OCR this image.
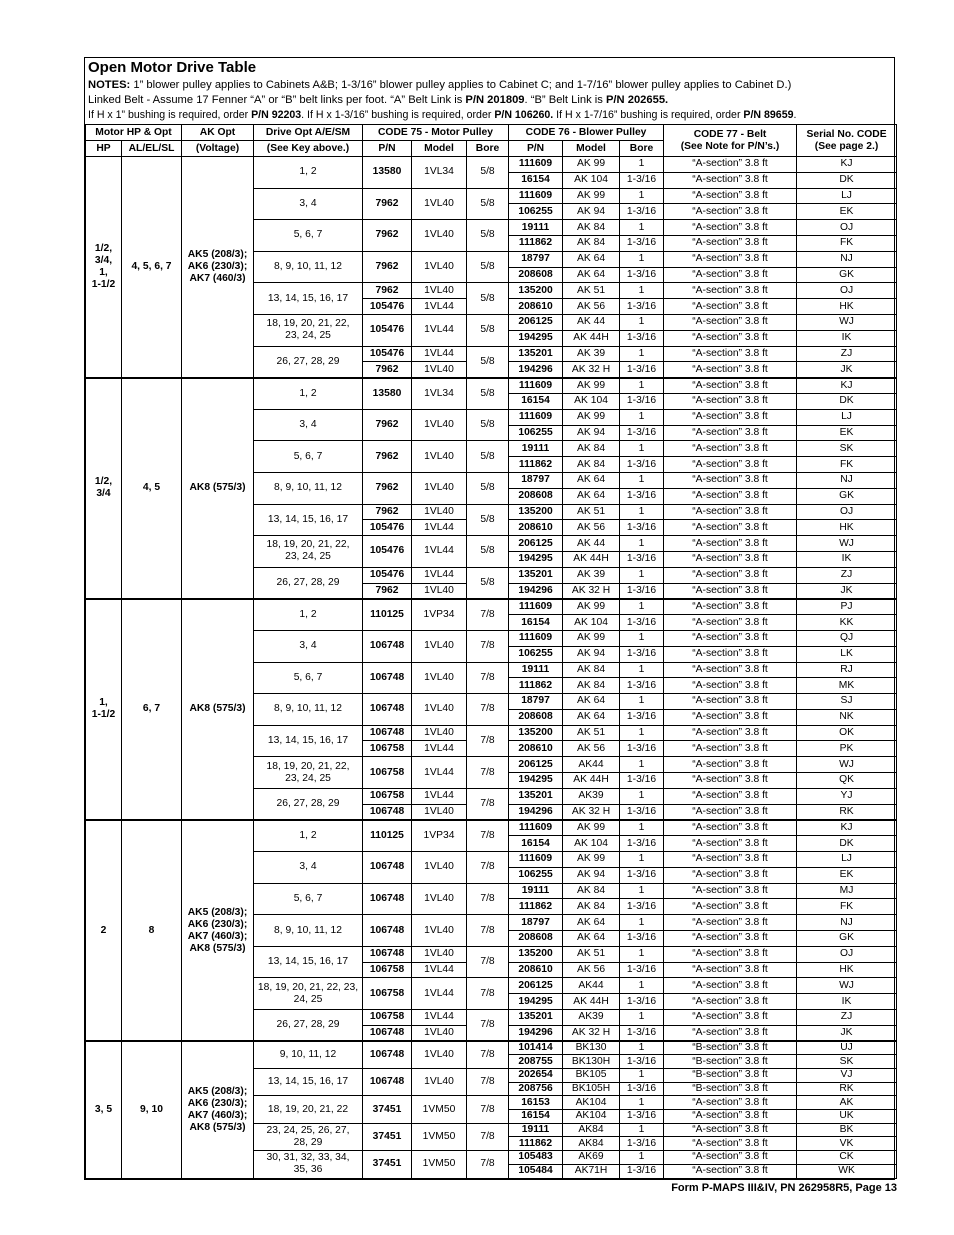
Open Motor Drive Table
NOTES: 1” blower pulley applies to Cabinets A&B; 1-3/16” blower pulley applies to Cabinet C; and 1-7/16” blower pulley applies to Cabinet D.)
Linked Belt - Assume 17 Fenner “A” or “B” belt links per foot. “A” Belt Link is P/N 201809. “B” Belt Link is P/N 202655.
If H x 1” bushing is required, order P/N 92203. If H x 1-3/16” bushing is required, order P/N 106260. If H x 1-7/16” bushing is required, order P/N 89659.
Motor HP & Opt		AK Opt	Drive Opt A/E/SM	CODE 75 - Motor Pulley			CODE 76 - Blower Pulley			CODE 77 - Belt
(See Note for P/N’s.)	Serial No. CODE
(See page 2.)
HP	AL/EL/SL	(Voltage)	(See Key above.)	P/N	Model	Bore	P/N	Model	Bore		
1/2,
3/4,
1,
1-1/2	4, 5, 6, 7	AK5 (208/3);
AK6 (230/3);
AK7 (460/3)	1, 2	13580	1VL34	5/8	111609	AK 99	1	“A-section” 3.8 ft	KJ
							16154	AK 104	1-3/16	“A-section” 3.8 ft	DK
			3, 4	7962	1VL40	5/8	111609	AK 99	1	“A-section” 3.8 ft	LJ
							106255	AK 94	1-3/16	“A-section” 3.8 ft	EK
			5, 6, 7	7962	1VL40	5/8	19111	AK 84	1	“A-section” 3.8 ft	OJ
							111862	AK 84	1-3/16	“A-section” 3.8 ft	FK
			8, 9, 10, 11, 12	7962	1VL40	5/8	18797	AK 64	1	“A-section” 3.8 ft	NJ
							208608	AK 64	1-3/16	“A-section” 3.8 ft	GK
			13, 14, 15, 16, 17	7962	1VL40	5/8	135200	AK 51	1	“A-section” 3.8 ft	OJ
				105476	1VL44		208610	AK 56	1-3/16	“A-section” 3.8 ft	HK
			18, 19, 20, 21, 22,
23, 24, 25	105476	1VL44	5/8	206125	AK 44	1	“A-section” 3.8 ft	WJ
							194295	AK 44H	1-3/16	“A-section” 3.8 ft	IK
			26, 27, 28, 29	105476	1VL44	5/8	135201	AK 39	1	“A-section” 3.8 ft	ZJ
				7962	1VL40		194296	AK 32 H	1-3/16	“A-section” 3.8 ft	JK
1/2,
3/4	4, 5	AK8 (575/3)	1, 2	13580	1VL34	5/8	111609	AK 99	1	“A-section” 3.8 ft	KJ
							16154	AK 104	1-3/16	“A-section” 3.8 ft	DK
			3, 4	7962	1VL40	5/8	111609	AK 99	1	“A-section” 3.8 ft	LJ
							106255	AK 94	1-3/16	“A-section” 3.8 ft	EK
			5, 6, 7	7962	1VL40	5/8	19111	AK 84	1	“A-section” 3.8 ft	SK
							111862	AK 84	1-3/16	“A-section” 3.8 ft	FK
			8, 9, 10, 11, 12	7962	1VL40	5/8	18797	AK 64	1	“A-section” 3.8 ft	NJ
							208608	AK 64	1-3/16	“A-section” 3.8 ft	GK
			13, 14, 15, 16, 17	7962	1VL40	5/8	135200	AK 51	1	“A-section” 3.8 ft	OJ
				105476	1VL44		208610	AK 56	1-3/16	“A-section” 3.8 ft	HK
			18, 19, 20, 21, 22,
23, 24, 25	105476	1VL44	5/8	206125	AK 44	1	“A-section” 3.8 ft	WJ
							194295	AK 44H	1-3/16	“A-section” 3.8 ft	IK
			26, 27, 28, 29	105476	1VL44	5/8	135201	AK 39	1	“A-section” 3.8 ft	ZJ
				7962	1VL40		194296	AK 32 H	1-3/16	“A-section” 3.8 ft	JK
1,
1-1/2	6, 7	AK8 (575/3)	1, 2	110125	1VP34	7/8	111609	AK 99	1	“A-section” 3.8 ft	PJ
							16154	AK 104	1-3/16	“A-section” 3.8 ft	KK
			3, 4	106748	1VL40	7/8	111609	AK 99	1	“A-section” 3.8 ft	QJ
							106255	AK 94	1-3/16	“A-section” 3.8 ft	LK
			5, 6, 7	106748	1VL40	7/8	19111	AK 84	1	“A-section” 3.8 ft	RJ
							111862	AK 84	1-3/16	“A-section” 3.8 ft	MK
			8, 9, 10, 11, 12	106748	1VL40	7/8	18797	AK 64	1	“A-section” 3.8 ft	SJ
							208608	AK 64	1-3/16	“A-section” 3.8 ft	NK
			13, 14, 15, 16, 17	106748	1VL40	7/8	135200	AK 51	1	“A-section” 3.8 ft	OK
				106758	1VL44		208610	AK 56	1-3/16	“A-section” 3.8 ft	PK
			18, 19, 20, 21, 22,
23, 24, 25	106758	1VL44	7/8	206125	AK44	1	“A-section” 3.8 ft	WJ
							194295	AK 44H	1-3/16	“A-section” 3.8 ft	QK
			26, 27, 28, 29	106758	1VL44	7/8	135201	AK39	1	“A-section” 3.8 ft	YJ
				106748	1VL40		194296	AK 32 H	1-3/16	“A-section” 3.8 ft	RK
2	8	AK5 (208/3);
AK6 (230/3);
AK7 (460/3);
AK8 (575/3)	1, 2	110125	1VP34	7/8	111609	AK 99	1	“A-section” 3.8 ft	KJ
							16154	AK 104	1-3/16	“A-section” 3.8 ft	DK
			3, 4	106748	1VL40	7/8	111609	AK 99	1	“A-section” 3.8 ft	LJ
							106255	AK 94	1-3/16	“A-section” 3.8 ft	EK
			5, 6, 7	106748	1VL40	7/8	19111	AK 84	1	“A-section” 3.8 ft	MJ
							111862	AK 84	1-3/16	“A-section” 3.8 ft	FK
			8, 9, 10, 11, 12	106748	1VL40	7/8	18797	AK 64	1	“A-section” 3.8 ft	NJ
							208608	AK 64	1-3/16	“A-section” 3.8 ft	GK
			13, 14, 15, 16, 17	106748	1VL40	7/8	135200	AK 51	1	“A-section” 3.8 ft	OJ
				106758	1VL44		208610	AK 56	1-3/16	“A-section” 3.8 ft	HK
			18, 19, 20, 21, 22, 23,
24, 25	106758	1VL44	7/8	206125	AK44	1	“A-section” 3.8 ft	WJ
							194295	AK 44H	1-3/16	“A-section” 3.8 ft	IK
			26, 27, 28, 29	106758	1VL44	7/8	135201	AK39	1	“A-section” 3.8 ft	ZJ
				106748	1VL40		194296	AK 32 H	1-3/16	“A-section” 3.8 ft	JK
3, 5	9, 10	AK5 (208/3);
AK6 (230/3);
AK7 (460/3);
AK8 (575/3)	9, 10, 11, 12	106748	1VL40	7/8	101414	BK130	1	“B-section” 3.8 ft	UJ
							208755	BK130H	1-3/16	“B-section” 3.8 ft	SK
			13, 14, 15, 16, 17	106748	1VL40	7/8	202654	BK105	1	“B-section” 3.8 ft	VJ
							208756	BK105H	1-3/16	“B-section” 3.8 ft	RK
			18, 19, 20, 21, 22	37451	1VM50	7/8	16153	AK104	1	“A-section” 3.8 ft	AK
							16154	AK104	1-3/16	“A-section” 3.8 ft	UK
			23, 24, 25, 26, 27,
28, 29	37451	1VM50	7/8	19111	AK84	1	“A-section” 3.8 ft	BK
							111862	AK84	1-3/16	“A-section” 3.8 ft	VK
			30, 31, 32, 33, 34,
35, 36	37451	1VM50	7/8	105483	AK69	1	“A-section” 3.8 ft	CK
							105484	AK71H	1-3/16	“A-section” 3.8 ft	WK
Form P-MAPS III&IV, PN 262958R5, Page 13
